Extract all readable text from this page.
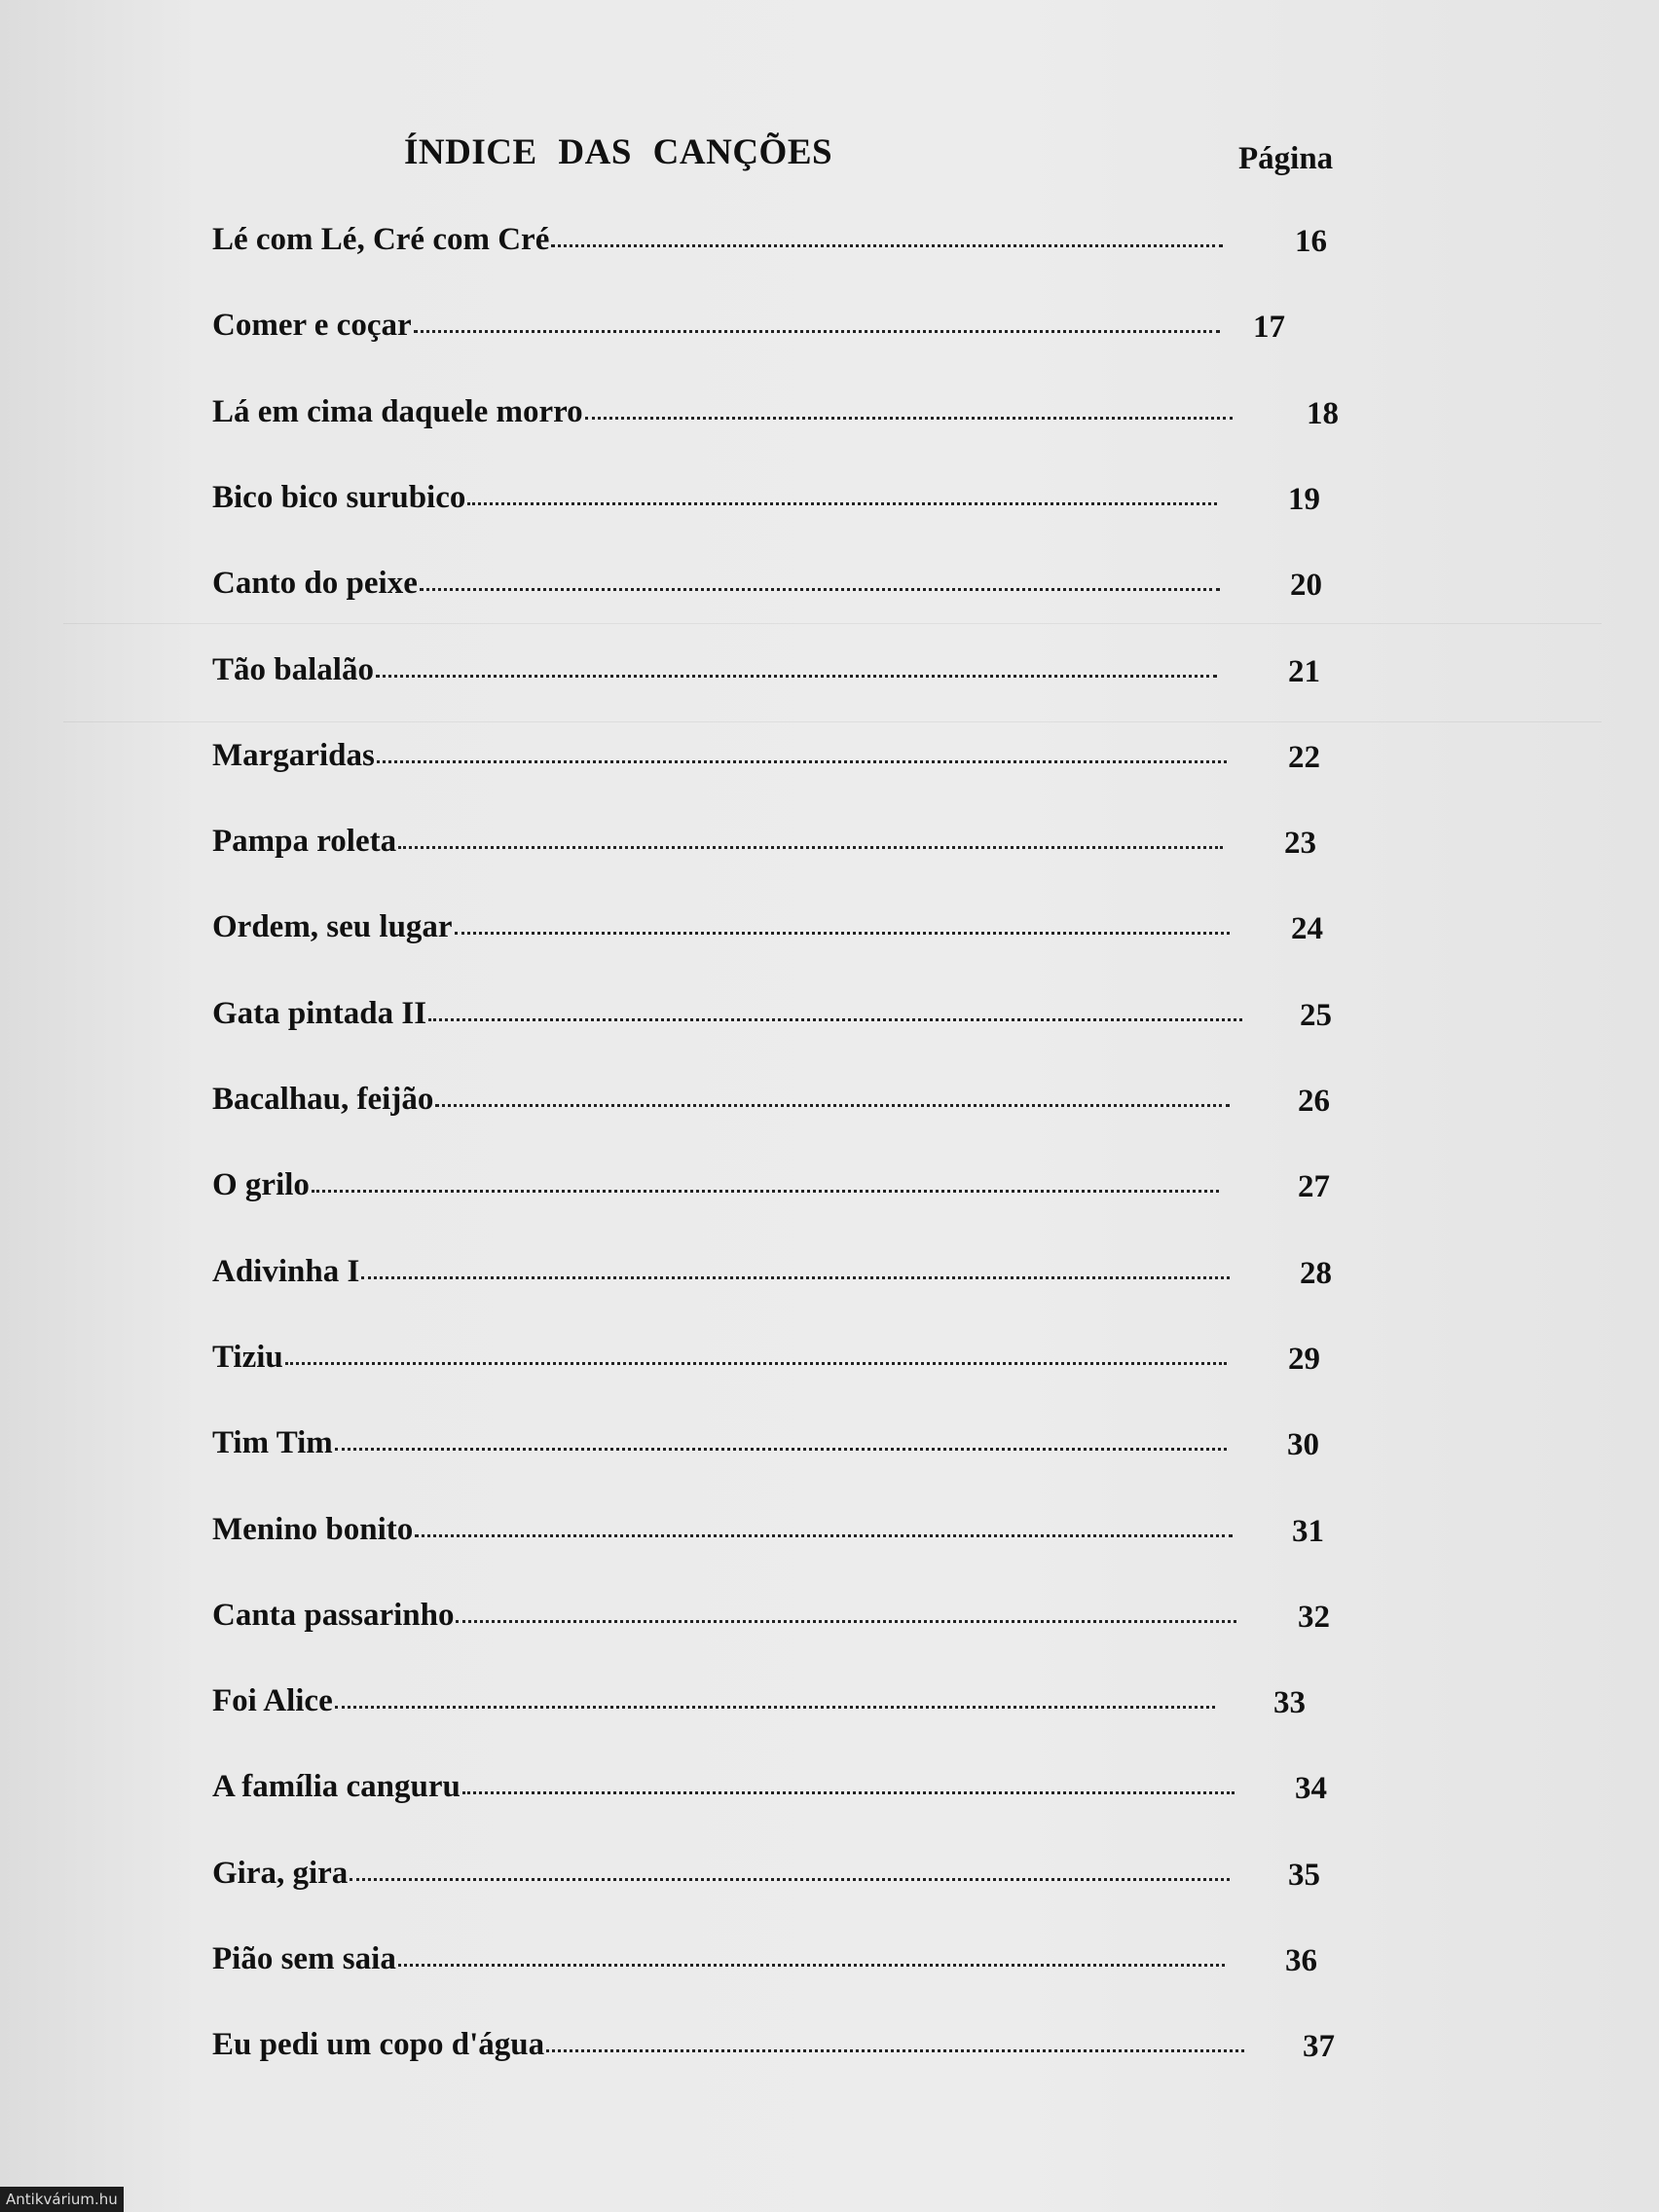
ÍNDICE DAS CANÇÕES	Página
Lé com Lé, Cré com Cré	16
Comer e coçar	17
Lá em cima daquele morro	18
Bico bico surubico	19
Canto do peixe	20
Tão balalão	21
Margaridas	22
Pampa roleta	23
Ordem, seu lugar	24
Gata pintada II	25
Bacalhau, feijão	26
O grilo	27
Adivinha I	28
Tiziu	29
Tim Tim	30
Menino bonito	31
Canta passarinho	32
Foi Alice	33
A família canguru	34
Gira, gira	35
Pião sem saia	36
Eu pedi um copo d'água	37
Antikvárium.hu
